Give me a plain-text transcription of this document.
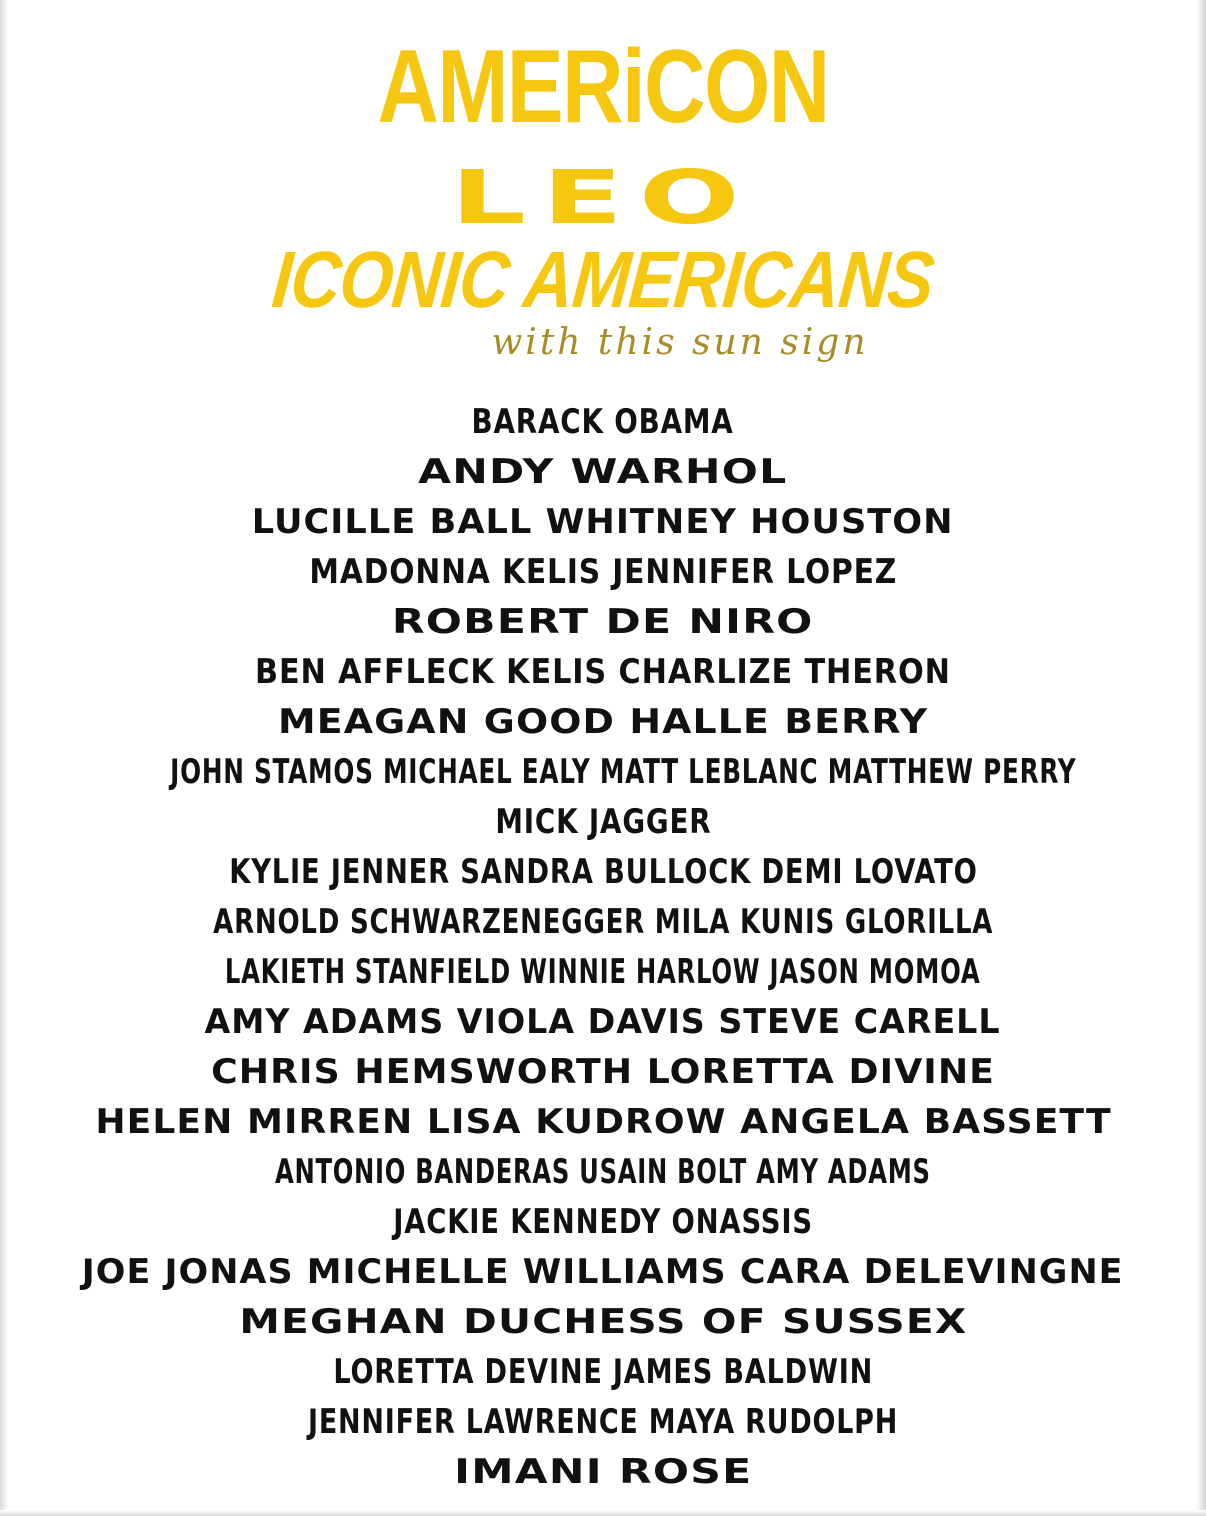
AMERiCON
LEO
ICONIC AMERICANS
with this sun sign
BARACK OBAMA
ANDY WARHOL
LUCILLE BALL WHITNEY HOUSTON
MADONNA KELIS JENNIFER LOPEZ
ROBERT DE NIRO
BEN AFFLECK KELIS CHARLIZE THERON
MEAGAN GOOD HALLE BERRY
JOHN STAMOS MICHAEL EALY MATT LEBLANC MATTHEW PERRY
MICK JAGGER
KYLIE JENNER SANDRA BULLOCK DEMI LOVATO
ARNOLD SCHWARZENEGGER MILA KUNIS GLORILLA
LAKIETH STANFIELD WINNIE HARLOW JASON MOMOA
AMY ADAMS VIOLA DAVIS STEVE CARELL
CHRIS HEMSWORTH LORETTA DIVINE
HELEN MIRREN LISA KUDROW ANGELA BASSETT
ANTONIO BANDERAS USAIN BOLT AMY ADAMS
JACKIE KENNEDY ONASSIS
JOE JONAS MICHELLE WILLIAMS CARA DELEVINGNE
MEGHAN DUCHESS OF SUSSEX
LORETTA DEVINE JAMES BALDWIN
JENNIFER LAWRENCE MAYA RUDOLPH
IMANI ROSE
